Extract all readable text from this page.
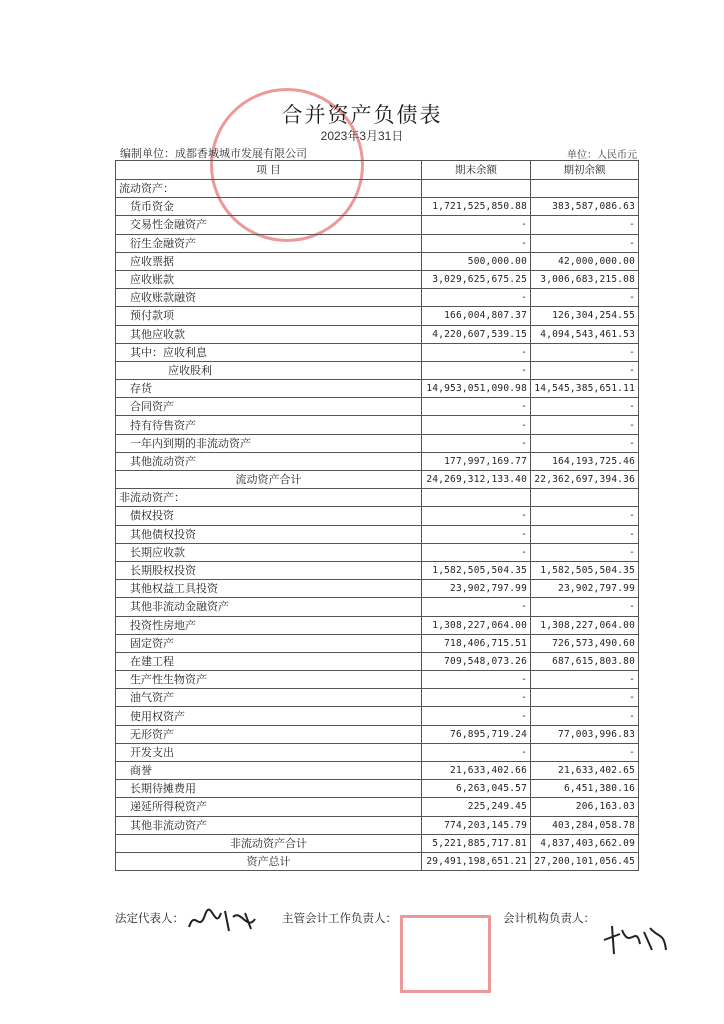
合并资产负债表
2023年3月31日
编制单位：成都香城城市发展有限公司	单位：人民币元
项 目	期末余额	期初余额
流动资产：		
货币资金	1,721,525,850.88	383,587,086.63
交易性金融资产	-	-
衍生金融资产	-	-
应收票据	500,000.00	42,000,000.00
应收账款	3,029,625,675.25	3,006,683,215.08
应收账款融资	-	-
预付款项	166,004,807.37	126,304,254.55
其他应收款	4,220,607,539.15	4,094,543,461.53
其中：应收利息	-	-
应收股利	-	-
存货	14,953,051,090.98	14,545,385,651.11
合同资产	-	-
持有待售资产	-	-
一年内到期的非流动资产	-	-
其他流动资产	177,997,169.77	164,193,725.46
流动资产合计	24,269,312,133.40	22,362,697,394.36
非流动资产：		
债权投资	-	-
其他债权投资	-	-
长期应收款	-	-
长期股权投资	1,582,505,504.35	1,582,505,504.35
其他权益工具投资	23,902,797.99	23,902,797.99
其他非流动金融资产	-	-
投资性房地产	1,308,227,064.00	1,308,227,064.00
固定资产	718,406,715.51	726,573,490.60
在建工程	709,548,073.26	687,615,803.80
生产性生物资产	-	-
油气资产	-	-
使用权资产	-	-
无形资产	76,895,719.24	77,003,996.83
开发支出	-	-
商誉	21,633,402.66	21,633,402.65
长期待摊费用	6,263,045.57	6,451,380.16
递延所得税资产	225,249.45	206,163.03
其他非流动资产	774,203,145.79	403,284,058.78
非流动资产合计	5,221,885,717.81	4,837,403,662.09
资产总计	29,491,198,651.21	27,200,101,056.45
法定代表人：	主管会计工作负责人：	会计机构负责人：
